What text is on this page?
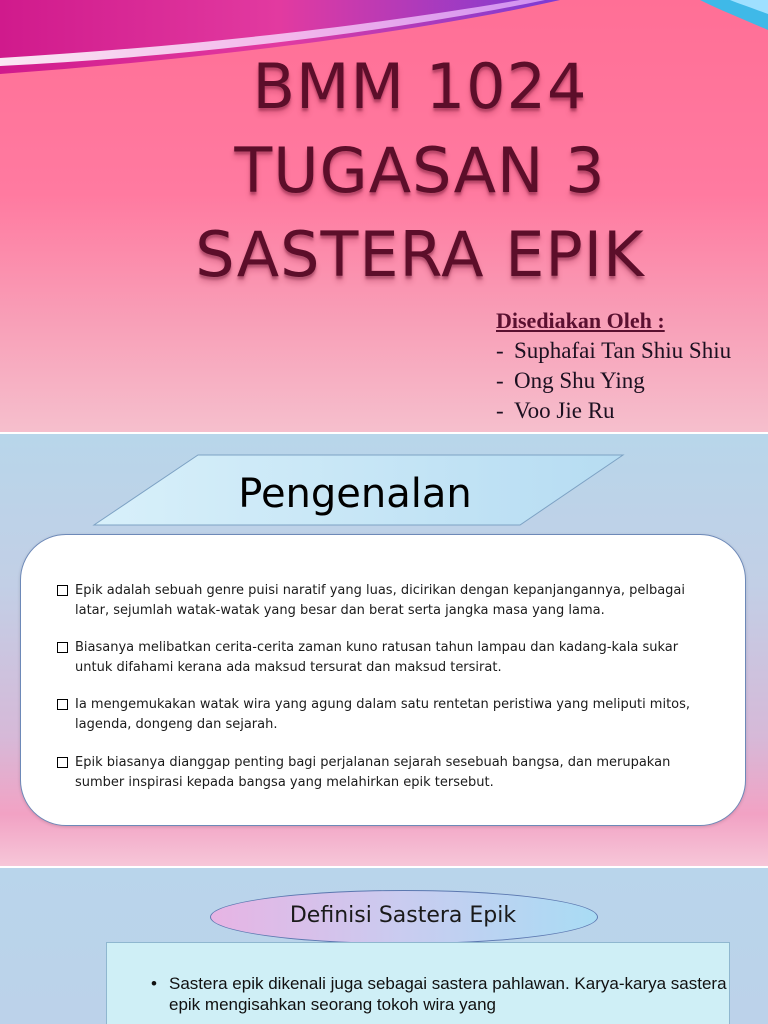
BMM 1024
TUGASAN 3
SASTERA EPIK
Disediakan Oleh :
- Suphafai Tan Shiu Shiu
- Ong Shu Ying
- Voo Jie Ru
Pengenalan
Epik adalah sebuah genre puisi naratif yang luas, dicirikan dengan kepanjangannya, pelbagai latar, sejumlah watak-watak yang besar dan berat serta jangka masa yang lama.
Biasanya melibatkan cerita-cerita zaman kuno ratusan tahun lampau dan kadang-kala sukar untuk difahami kerana ada maksud tersurat dan maksud tersirat.
Ia mengemukakan watak wira yang agung dalam satu rentetan peristiwa yang meliputi mitos, lagenda, dongeng dan sejarah.
Epik biasanya dianggap penting bagi perjalanan sejarah sesebuah bangsa, dan merupakan sumber inspirasi kepada bangsa yang melahirkan epik tersebut.
Definisi Sastera Epik
• Sastera epik dikenali juga sebagai sastera pahlawan. Karya-karya sastera epik mengisahkan seorang tokoh wira yang
